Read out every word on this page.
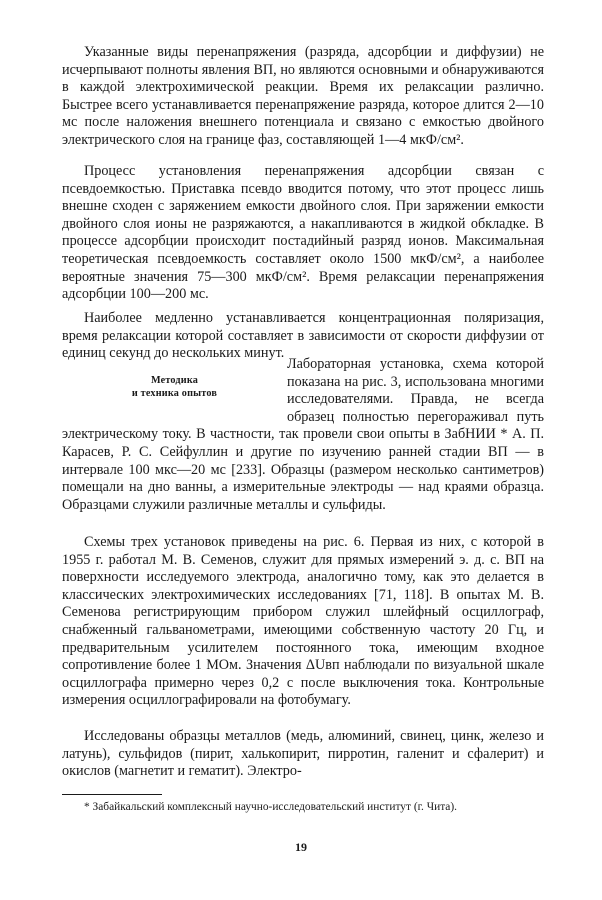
Указанные виды перенапряжения (разряда, адсорбции и диффузии) не исчерпывают полноты явления ВП, но являются основными и обнаруживаются в каждой электрохимической реакции. Время их релаксации различно. Быстрее всего устанавливается перенапряжение разряда, которое длится 2—10 мс после наложения внешнего потенциала и связано с емкостью двойного электрического слоя на границе фаз, составляющей 1—4 мкФ/см².

Процесс установления перенапряжения адсорбции связан с псевдоемкостью. Приставка псевдо вводится потому, что этот процесс лишь внешне сходен с заряжением емкости двойного слоя. При заряжении емкости двойного слоя ионы не разряжаются, а накапливаются в жидкой обкладке. В процессе адсорбции происходит постадийный разряд ионов. Максимальная теоретическая псевдоемкость составляет около 1500 мкФ/см², а наиболее вероятные значения 75—300 мкФ/см². Время релаксации перенапряжения адсорбции 100—200 мс.

Наиболее медленно устанавливается концентрационная поляризация, время релаксации которой составляет в зависимости от скорости диффузии от единиц секунд до нескольких минут.

Методика
и техника опытов
Лабораторная установка, схема которой показана на рис. 3, использована многими исследователями. Правда, не всегда образец полностью перегораживал путь электрическому току. В частности, так провели свои опыты в ЗабНИИ * А. П. Карасев, Р. С. Сейфуллин и другие по изучению ранней стадии ВП — в интервале 100 мкс—20 мс [233]. Образцы (размером несколько сантиметров) помещали на дно ванны, а измерительные электроды — над краями образца. Образцами служили различные металлы и сульфиды.

Схемы трех установок приведены на рис. 6. Первая из них, с которой в 1955 г. работал М. В. Семенов, служит для прямых измерений э. д. с. ВП на поверхности исследуемого электрода, аналогично тому, как это делается в классических электрохимических исследованиях [71, 118]. В опытах М. В. Семенова регистрирующим прибором служил шлейфный осциллограф, снабженный гальванометрами, имеющими собственную частоту 20 Гц, и предварительным усилителем постоянного тока, имеющим входное сопротивление более 1 МОм. Значения ΔUвп наблюдали по визуальной шкале осциллографа примерно через 0,2 с после выключения тока. Контрольные измерения осциллографировали на фотобумагу.

Исследованы образцы металлов (медь, алюминий, свинец, цинк, железо и латунь), сульфидов (пирит, халькопирит, пирротин, галенит и сфалерит) и окислов (магнетит и гематит). Электро-

* Забайкальский комплексный научно-исследовательский институт (г. Чита).

19
